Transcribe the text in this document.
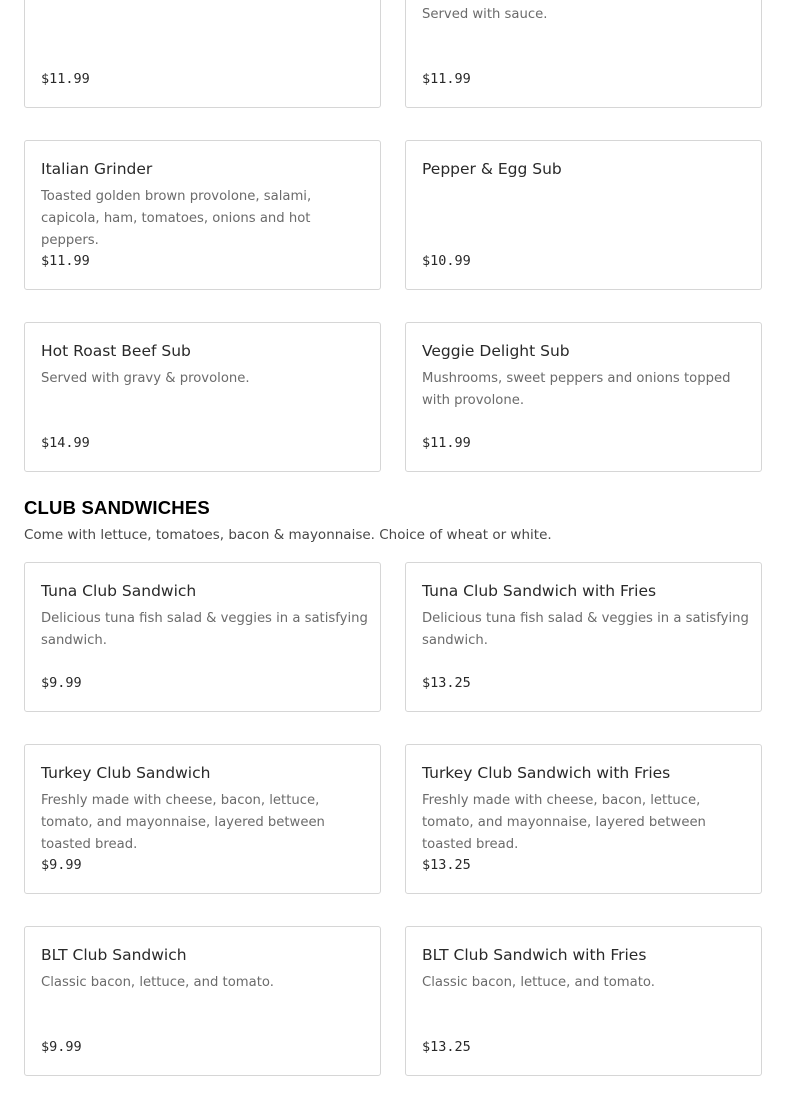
$11.99
Served with sauce.
$11.99
Italian Grinder
Toasted golden brown provolone, salami, capicola, ham, tomatoes, onions and hot peppers.
$11.99
Pepper & Egg Sub
$10.99
Hot Roast Beef Sub
Served with gravy & provolone.
$14.99
Veggie Delight Sub
Mushrooms, sweet peppers and onions topped with provolone.
$11.99
CLUB SANDWICHES

Come with lettuce, tomatoes, bacon & mayonnaise. Choice of wheat or white.

Tuna Club Sandwich
Delicious tuna fish salad & veggies in a satisfying sandwich.
$9.99
Tuna Club Sandwich with Fries
Delicious tuna fish salad & veggies in a satisfying sandwich.
$13.25
Turkey Club Sandwich
Freshly made with cheese, bacon, lettuce, tomato, and mayonnaise, layered between toasted bread.
$9.99
Turkey Club Sandwich with Fries
Freshly made with cheese, bacon, lettuce, tomato, and mayonnaise, layered between toasted bread.
$13.25
BLT Club Sandwich
Classic bacon, lettuce, and tomato.
$9.99
BLT Club Sandwich with Fries
Classic bacon, lettuce, and tomato.
$13.25
